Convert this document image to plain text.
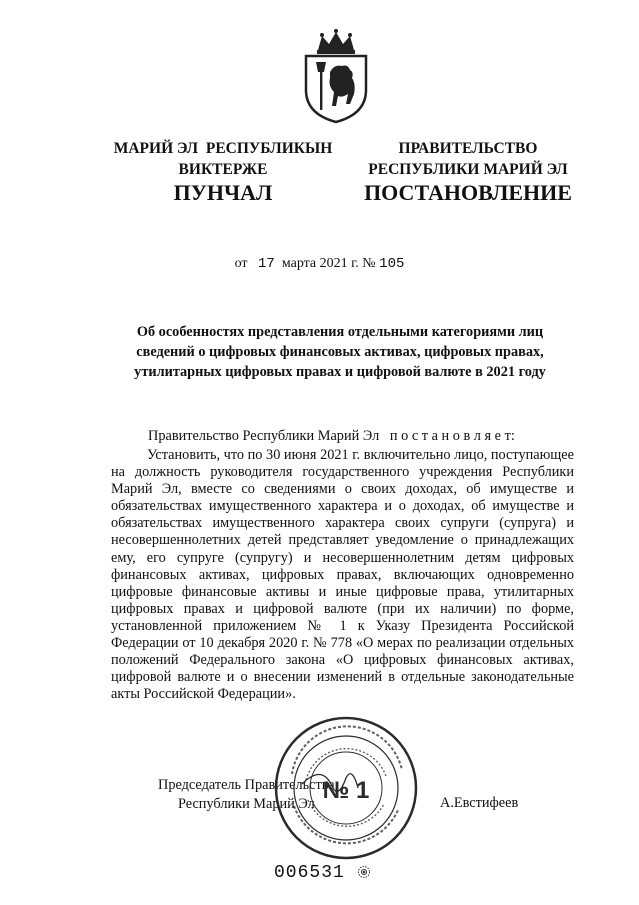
МАРИЙ ЭЛ  РЕСПУБЛИКЫН
ВИКТЕРЖЕ
ПРАВИТЕЛЬСТВО
РЕСПУБЛИКИ МАРИЙ ЭЛ
ПУНЧАЛ	ПОСТАНОВЛЕНИЕ
от 17 марта 2021 г. № 105
Об особенностях представления отдельными категориями лиц
сведений о цифровых финансовых активах, цифровых правах,
утилитарных цифровых правах и цифровой валюте в 2021 году
Правительство Республики Марий Эл   п о с т а н о в л я е т:
Установить, что по 30 июня 2021 г. включительно лицо, поступающее на должность руководителя государственного учреждения Республики Марий Эл, вместе со сведениями о своих доходах, об имуществе и обязательствах имущественного характера и о доходах, об имуществе и обязательствах имущественного характера своих супруги (супруга) и несовершеннолетних детей представляет уведомление о принадлежащих ему, его супруге (супругу) и несовершеннолетним детям цифровых финансовых активах, цифровых правах, включающих одновременно цифровые финансовые активы и иные цифровые права, утилитарных цифровых правах и цифровой валюте (при их наличии) по форме, установленной приложением № 1 к Указу Президента Российской Федерации от 10 декабря 2020 г. № 778 «О мерах по реализации отдельных положений Федерального закона «О цифровых финансовых активах, цифровой валюте и о внесении изменений в отдельные законодательные акты Российской Федерации».
Председатель Правительства
Республики Марий Эл	А.Евстифеев
№ 1
006531
